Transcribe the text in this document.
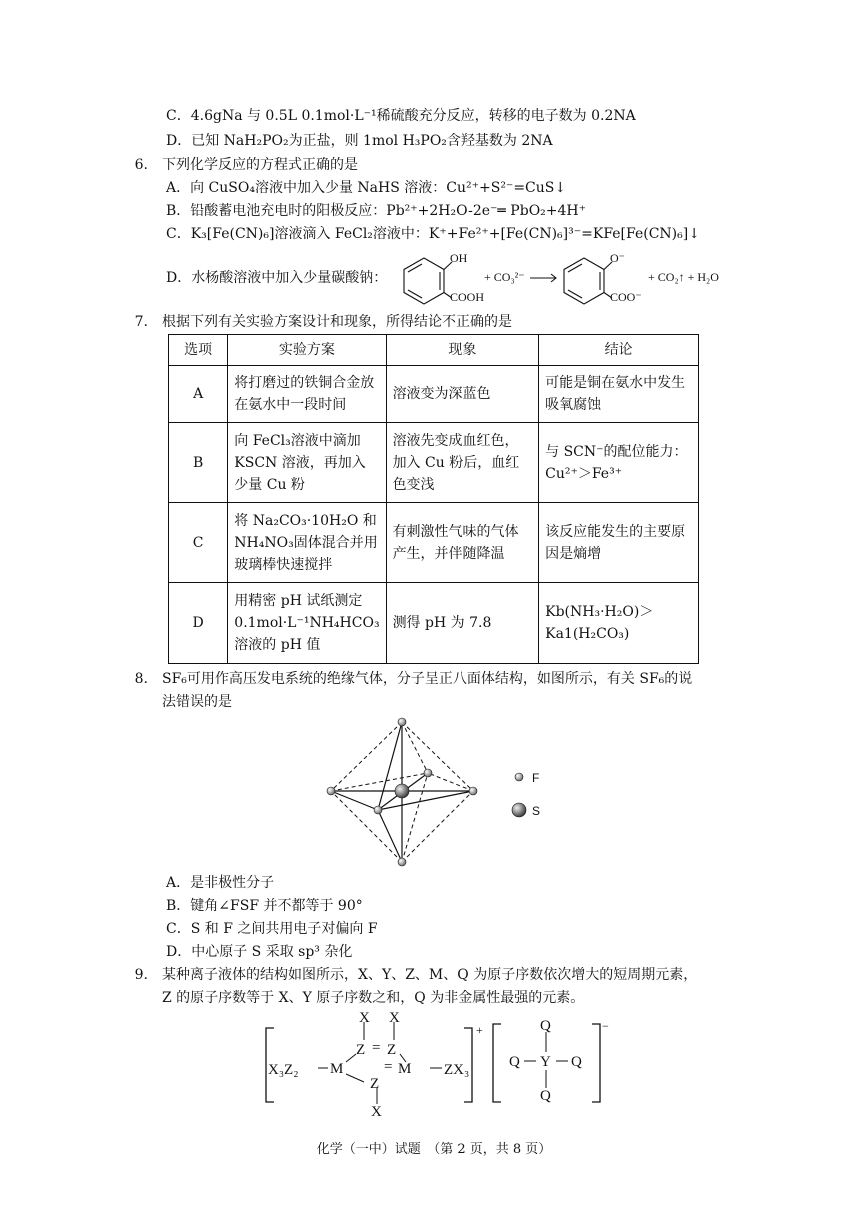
C．4.6gNa 与 0.5L 0.1mol·L⁻¹稀硫酸充分反应，转移的电子数为 0.2NA
D．已知 NaH₂PO₂为正盐，则 1mol H₃PO₂含羟基数为 2NA
6. 下列化学反应的方程式正确的是
A．向 CuSO₄溶液中加入少量 NaHS 溶液：Cu²⁺+S²⁻=CuS↓
B．铅酸蓄电池充电时的阳极反应：Pb²⁺+2H₂O-2e⁻═ PbO₂+4H⁺
C．K₃[Fe(CN)₆]溶液滴入 FeCl₂溶液中：K⁺+Fe²⁺+[Fe(CN)₆]³⁻=KFe[Fe(CN)₆]↓
D．水杨酸溶液中加入少量碳酸钠：
OH
COOH
+ CO₃²⁻
O⁻
COO⁻
+ CO₂↑ + H₂O
7. 根据下列有关实验方案设计和现象，所得结论不正确的是
选项	实验方案	现象	结论
A	将打磨过的铁铜合金放在氨水中一段时间	溶液变为深蓝色	可能是铜在氨水中发生吸氧腐蚀
B	向 FeCl₃溶液中滴加 KSCN 溶液，再加入少量 Cu 粉	溶液先变成血红色，加入 Cu 粉后，血红色变浅	与 SCN⁻的配位能力：Cu²⁺＞Fe³⁺
C	将 Na₂CO₃·10H₂O 和 NH₄NO₃固体混合并用玻璃棒快速搅拌	有刺激性气味的气体产生，并伴随降温	该反应能发生的主要原因是熵增
D	用精密 pH 试纸测定 0.1mol·L⁻¹NH₄HCO₃溶液的 pH 值	测得 pH 为 7.8	Kb(NH₃·H₂O)＞Ka1(H₂CO₃)
8. SF₆可用作高压发电系统的绝缘气体，分子呈正八面体结构，如图所示，有关 SF₆的说
法错误的是
F
S
A．是非极性分子
B．键角∠FSF 并不都等于 90°
C．S 和 F 之间共用电子对偏向 F
D．中心原子 S 采取 sp³ 杂化
9. 某种离子液体的结构如图所示，X、Y、Z、M、Q 为原子序数依次增大的短周期元素，
Z 的原子序数等于 X、Y 原子序数之和，Q 为非金属性最强的元素。
X X
Z = Z
X₃Z₂ M	M
=	ZX₃
Z
X
+	Q
Q Y Q
Q
−
化学（一中）试题　（第 2 页，共 8 页）
